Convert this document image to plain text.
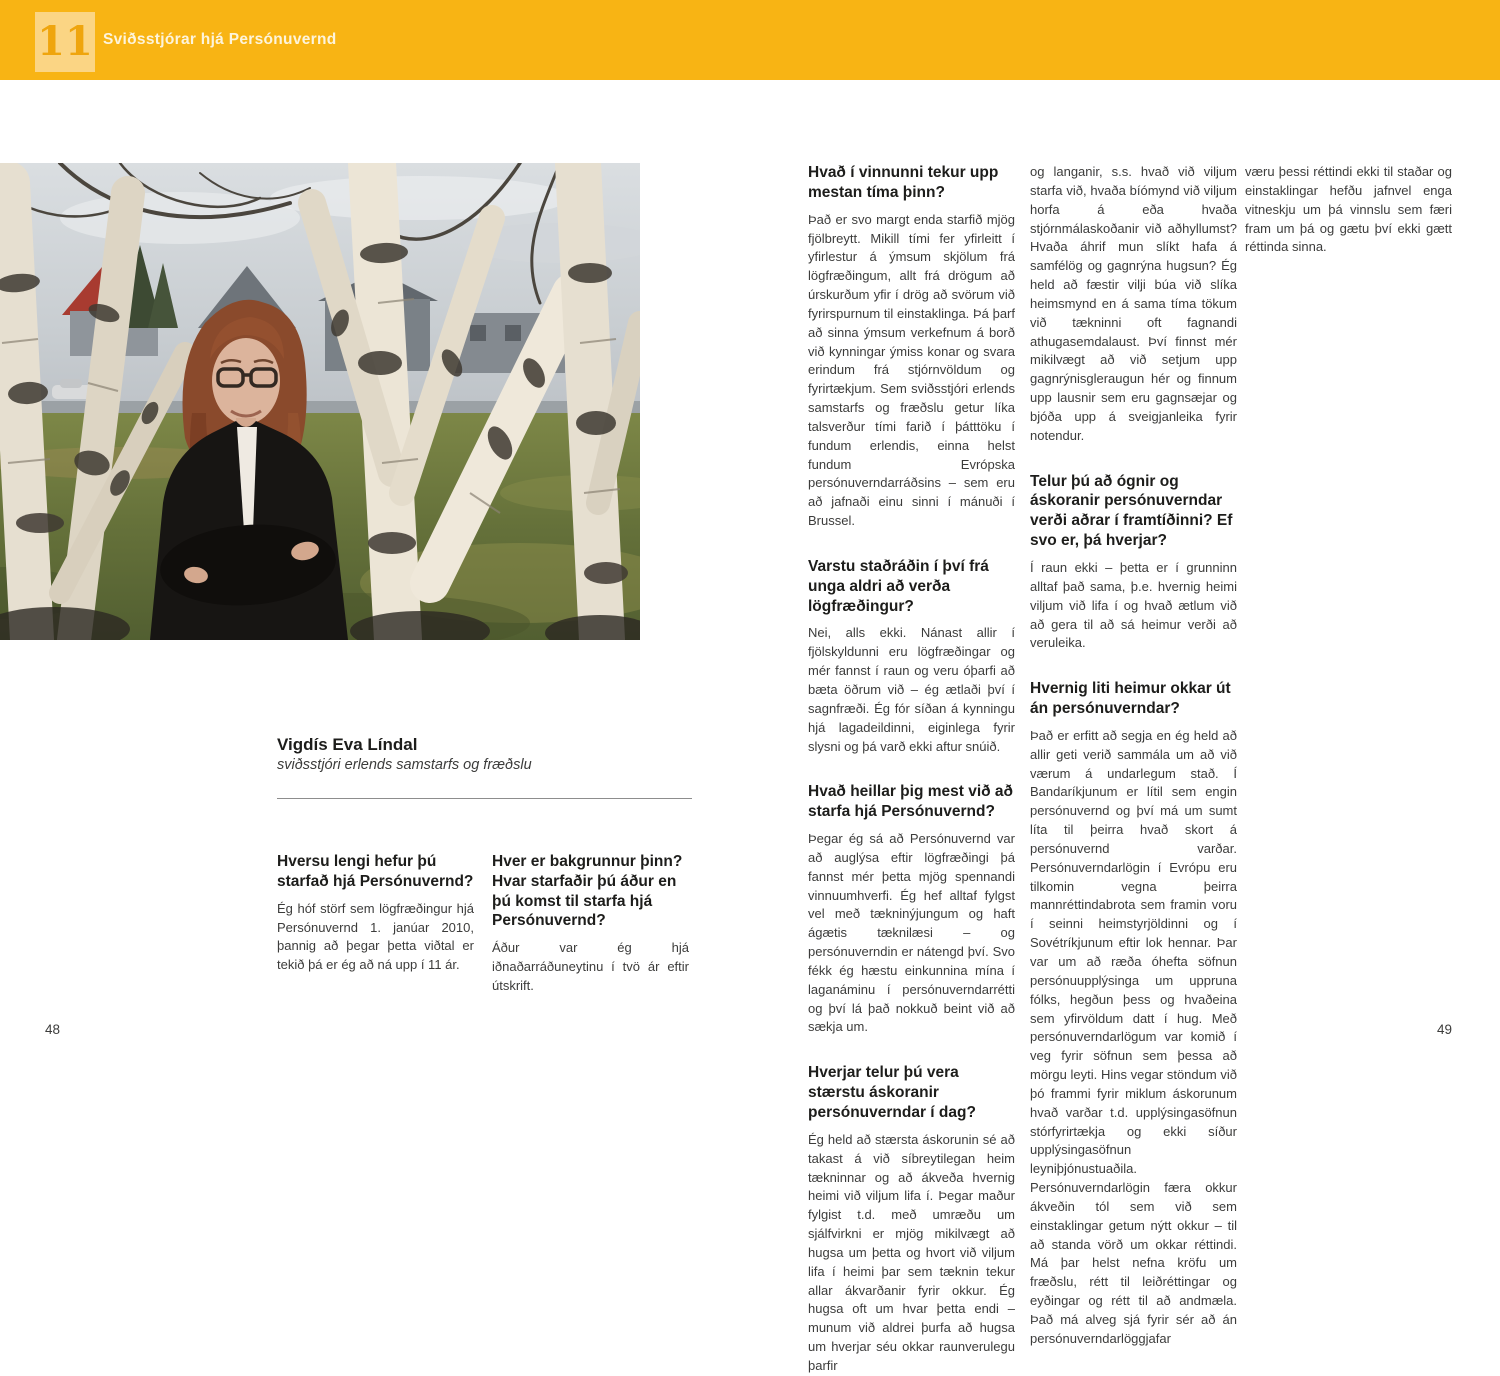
11 Sviðsstjórar hjá Persónuvernd
Vigdís Eva Líndal
sviðsstjóri erlends samstarfs og fræðslu
Hversu lengi hefur þú starfað hjá Persónuvernd?
Ég hóf störf sem lögfræðingur hjá Persónuvernd 1. janúar 2010, þannig að þegar þetta viðtal er tekið þá er ég að ná upp í 11 ár.
Hver er bakgrunnur þinn? Hvar starfaðir þú áður en þú komst til starfa hjá Persónuvernd?
Áður var ég hjá iðnaðarráðuneytinu í tvö ár eftir útskrift.
Hvað í vinnunni tekur upp mestan tíma þinn?
Það er svo margt enda starfið mjög fjölbreytt. Mikill tími fer yfirleitt í yfirlestur á ýmsum skjölum frá lögfræðingum, allt frá drögum að úrskurðum yfir í drög að svörum við fyrirspurnum til einstaklinga. Þá þarf að sinna ýmsum verkefnum á borð við kynningar ýmiss konar og svara erindum frá stjórnvöldum og fyrirtækjum. Sem sviðsstjóri erlends samstarfs og fræðslu getur líka talsverður tími farið í þátttöku í fundum erlendis, einna helst fundum Evrópska persónuverndarráðsins – sem eru að jafnaði einu sinni í mánuði í Brussel.
Varstu staðráðin í því frá unga aldri að verða lögfræðingur?
Nei, alls ekki. Nánast allir í fjölskyldunni eru lögfræðingar og mér fannst í raun og veru óþarfi að bæta öðrum við – ég ætlaði því í sagnfræði. Ég fór síðan á kynningu hjá lagadeildinni, eiginlega fyrir slysni og þá varð ekki aftur snúið.
Hvað heillar þig mest við að starfa hjá Persónuvernd?
Þegar ég sá að Persónuvernd var að auglýsa eftir lögfræðingi þá fannst mér þetta mjög spennandi vinnuumhverfi. Ég hef alltaf fylgst vel með tækninýjungum og haft ágætis tæknilæsi – og persónuverndin er nátengd því. Svo fékk ég hæstu einkunnina mína í laganáminu í persónuverndarrétti og því lá það nokkuð beint við að sækja um.
Hverjar telur þú vera stærstu áskoranir persónuverndar í dag?
Ég held að stærsta áskorunin sé að takast á við síbreytilegan heim tækninnar og að ákveða hvernig heimi við viljum lifa í. Þegar maður fylgist t.d. með umræðu um sjálfvirkni er mjög mikilvægt að hugsa um þetta og hvort við viljum lifa í heimi þar sem tæknin tekur allar ákvarðanir fyrir okkur. Ég hugsa oft um hvar þetta endi – munum við aldrei þurfa að hugsa um hverjar séu okkar raunverulegu þarfir
og langanir, s.s. hvað við viljum starfa við, hvaða bíómynd við viljum horfa á eða hvaða stjórnmálaskoðanir við aðhyllumst? Hvaða áhrif mun slíkt hafa á samfélög og gagnrýna hugsun? Ég held að fæstir vilji búa við slíka heimsmynd en á sama tíma tökum við tækninni oft fagnandi athugasemdalaust. Því finnst mér mikilvægt að við setjum upp gagnrýnisgleraugun hér og finnum upp lausnir sem eru gagnsæjar og bjóða upp á sveigjanleika fyrir notendur.
Telur þú að ógnir og áskoranir persónuverndar verði aðrar í framtíðinni? Ef svo er, þá hverjar?
Í raun ekki – þetta er í grunninn alltaf það sama, þ.e. hvernig heimi viljum við lifa í og hvað ætlum við að gera til að sá heimur verði að veruleika.
Hvernig liti heimur okkar út án persónuverndar?
Það er erfitt að segja en ég held að allir geti verið sammála um að við værum á undarlegum stað. Í Bandaríkjunum er lítil sem engin persónuvernd og því má um sumt líta til þeirra hvað skort á persónuvernd varðar. Persónuverndarlögin í Evrópu eru tilkomin vegna þeirra mannréttindabrota sem framin voru í seinni heimstyrjöldinni og í Sovétríkjunum eftir lok hennar. Þar var um að ræða óhefta söfnun persónuupplýsinga um uppruna fólks, hegðun þess og hvaðeina sem yfirvöldum datt í hug. Með persónuverndarlögum var komið í veg fyrir söfnun sem þessa að mörgu leyti. Hins vegar stöndum við þó frammi fyrir miklum áskorunum hvað varðar t.d. upplýsingasöfnun stórfyrirtækja og ekki síður upplýsingasöfnun leyniþjónustuaðila. Persónuverndarlögin færa okkur ákveðin tól sem við sem einstaklingar getum nýtt okkur – til að standa vörð um okkar réttindi. Má þar helst nefna kröfu um fræðslu, rétt til leiðréttingar og eyðingar og rétt til að andmæla. Það má alveg sjá fyrir sér að án persónuverndarlöggjafar
væru þessi réttindi ekki til staðar og einstaklingar hefðu jafnvel enga vitneskju um þá vinnslu sem færi fram um þá og gætu því ekki gætt réttinda sinna.
48	49
